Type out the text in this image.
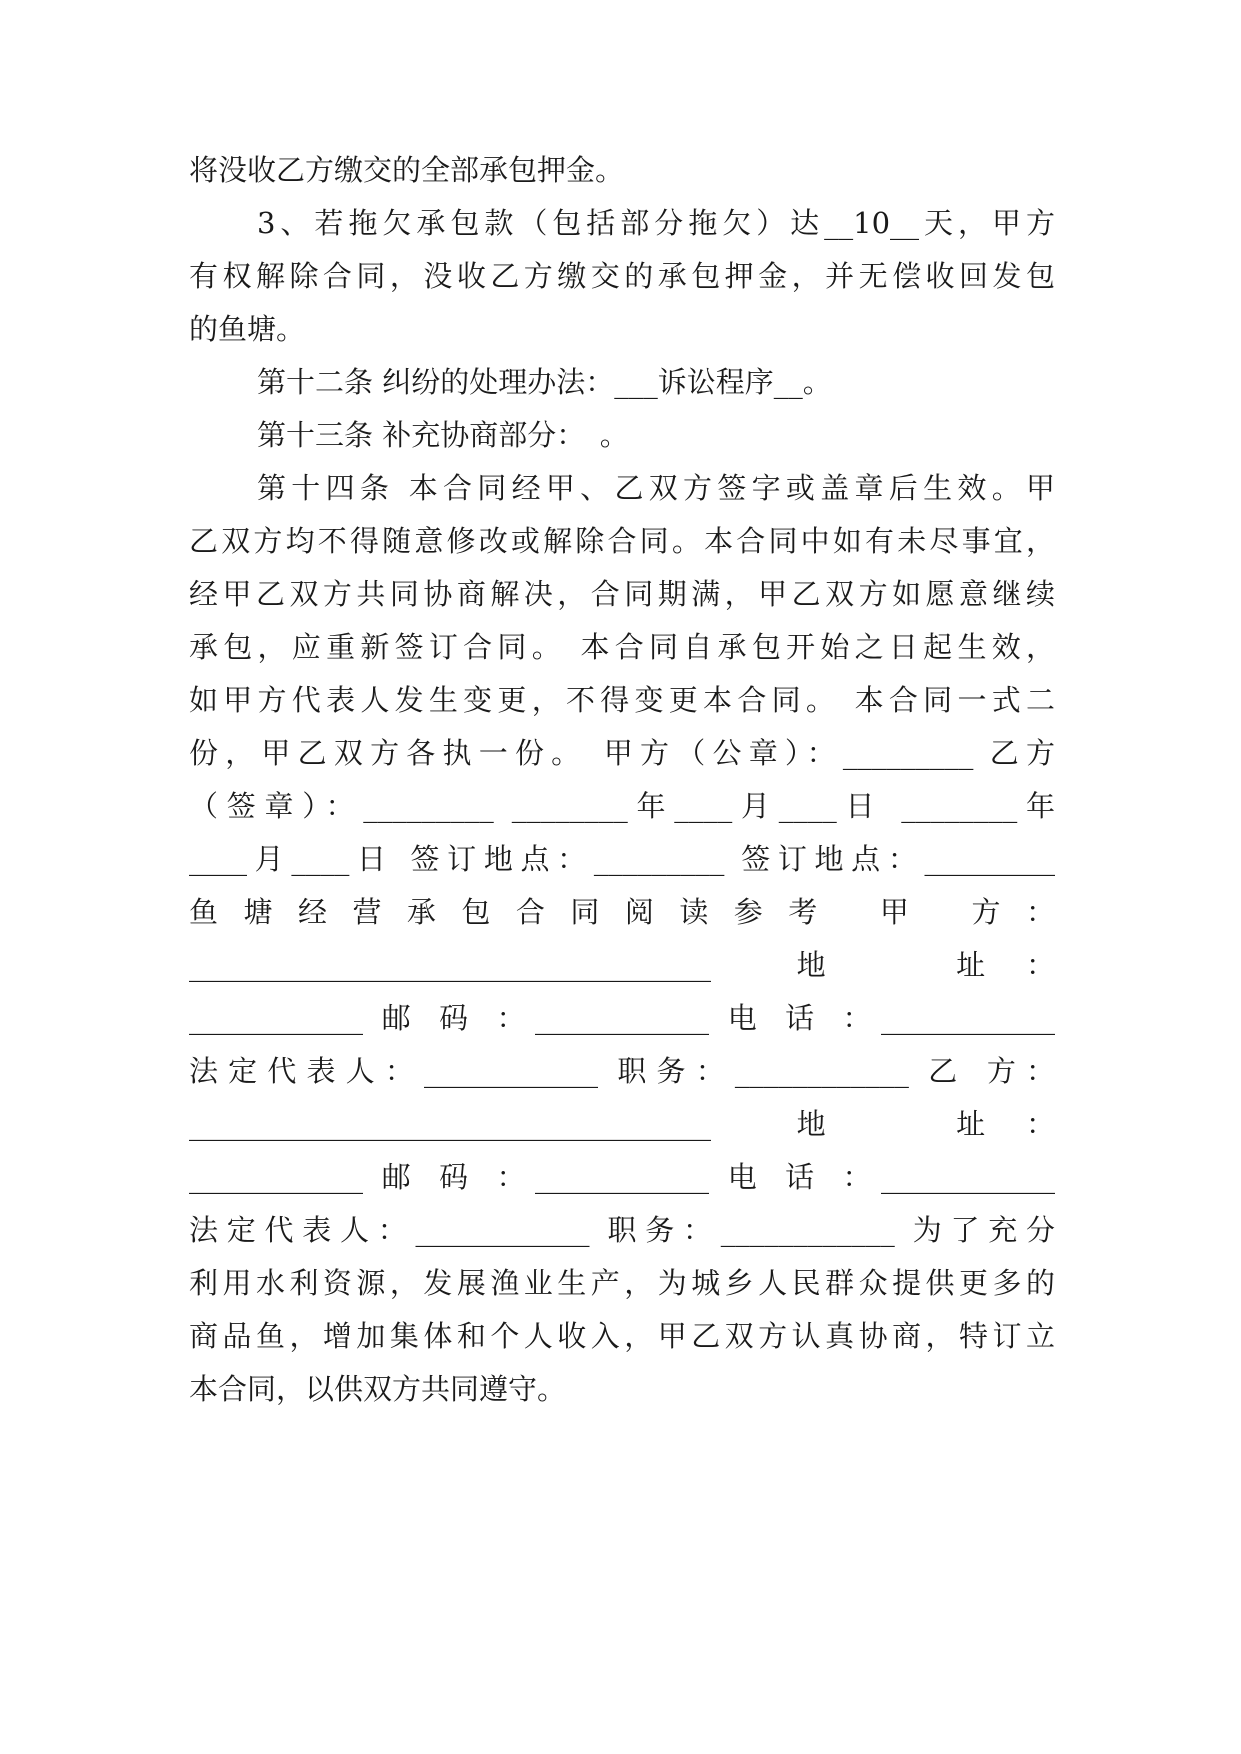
将没收乙方缴交的全部承包押金。
3、若拖欠承包款（包括部分拖欠）达__10__天，甲方
有权解除合同，没收乙方缴交的承包押金，并无偿收回发包
的鱼塘。
第十二条 纠纷的处理办法：___诉讼程序__。
第十三条 补充协商部分：　。
第十四条 本合同经甲、乙双方签字或盖章后生效。甲
乙双方均不得随意修改或解除合同。本合同中如有未尽事宜，
经甲乙双方共同协商解决，合同期满，甲乙双方如愿意继续
承包，应重新签订合同。 本合同自承包开始之日起生效，
如甲方代表人发生变更，不得变更本合同。 本合同一式二
份，甲乙双方各执一份。 甲方（公章）：_________ 乙方
（签章）：_________ ________年____月____日 ________年
____月____日 签订地点：_________ 签订地点：_________
鱼 塘 经 营 承 包 合 同 阅 读 参 考　 甲　 方 ：
____________________________________　 地　　 址 ：
____________ 邮 码 ：____________ 电 话 ：____________
法定代表人：____________ 职务：____________ 乙 方：
____________________________________　 地　　 址 ：
____________ 邮 码 ：____________ 电 话 ：____________
法定代表人：____________ 职务：____________ 为了充分
利用水利资源，发展渔业生产，为城乡人民群众提供更多的
商品鱼，增加集体和个人收入，甲乙双方认真协商，特订立
本合同，以供双方共同遵守。
